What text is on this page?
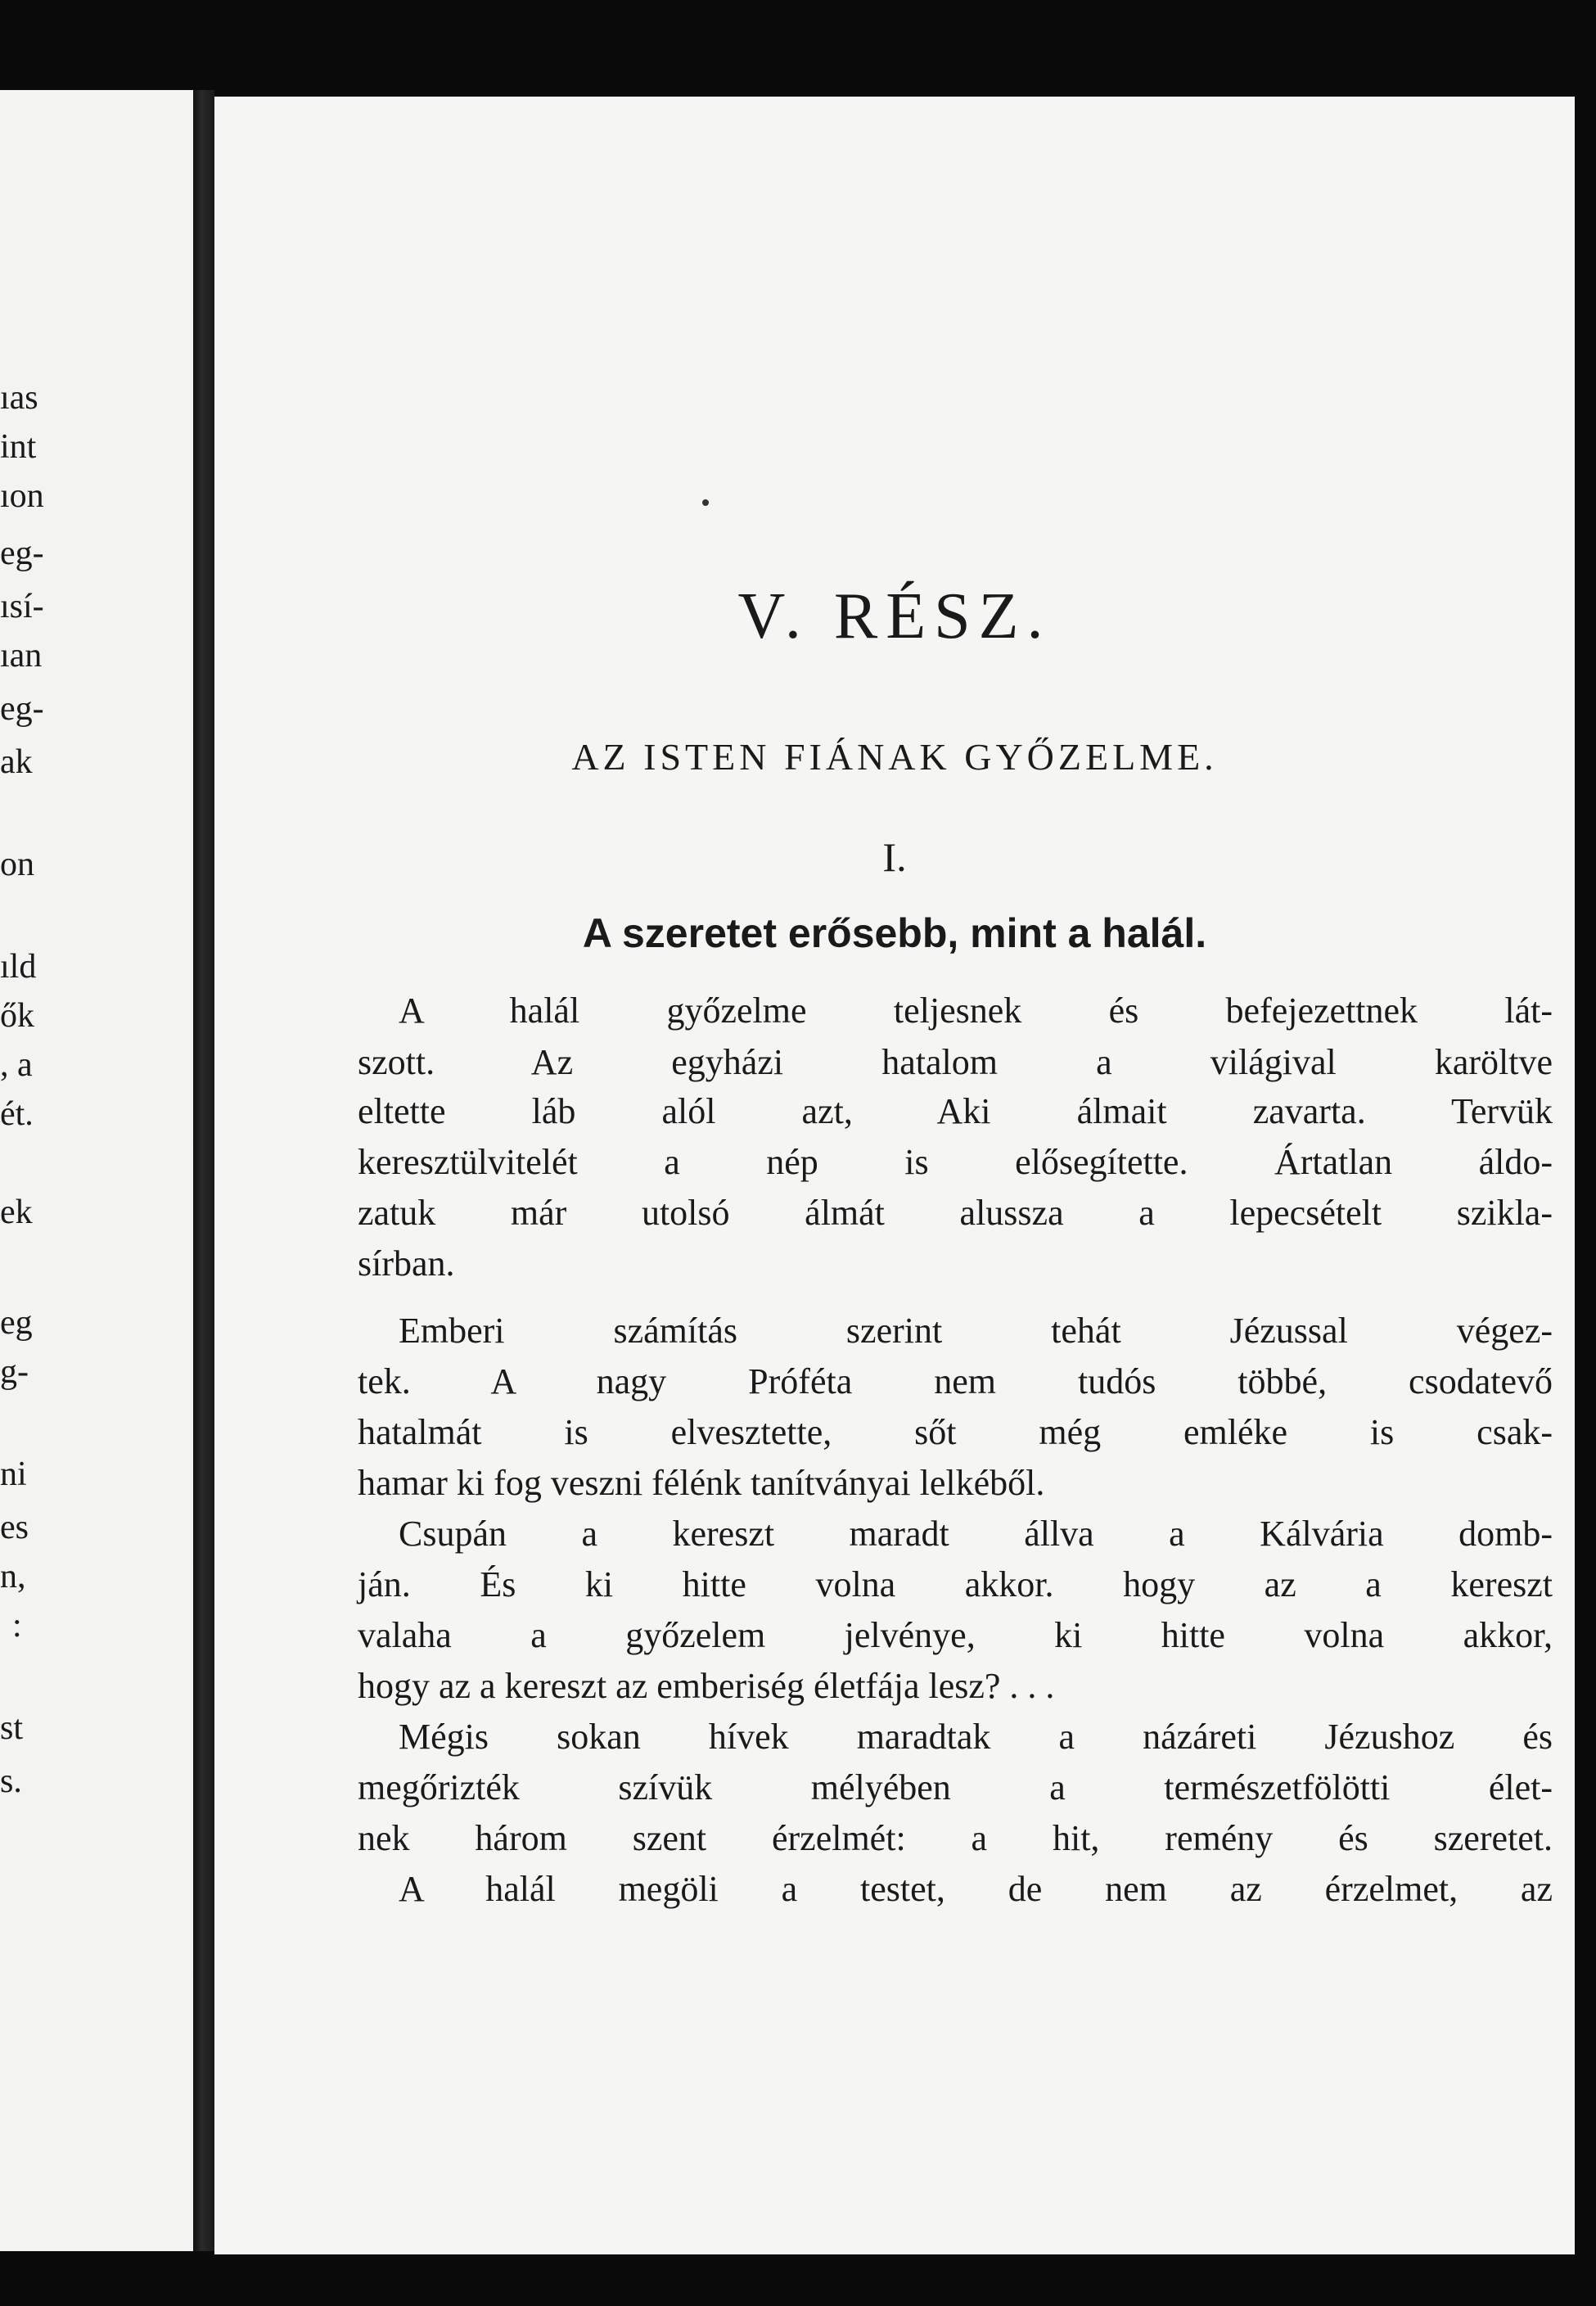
ıas
int
ıon
eg-
ısí-
ıan
eg-
ak
on
ıld
ők
, a
ét.
ek
eg
g-
ni
es
n,
:
st
s.
V. RÉSZ.
AZ ISTEN FIÁNAK GYŐZELME.
I.
A szeretet erősebb, mint a halál.
A halál győzelme teljesnek és befejezettnek lát-
szott. Az egyházi hatalom a világival karöltve
eltette láb alól azt, Aki álmait zavarta. Tervük
keresztülvitelét a nép is elősegítette. Ártatlan áldo-
zatuk már utolsó álmát alussza a lepecsételt szikla-
sírban.
Emberi számítás szerint tehát Jézussal végez-
tek. A nagy Próféta nem tudós többé, csodatevő
hatalmát is elvesztette, sőt még emléke is csak-
hamar ki fog veszni félénk tanítványai lelkéből.
Csupán a kereszt maradt állva a Kálvária domb-
ján. És ki hitte volna akkor. hogy az a kereszt
valaha a győzelem jelvénye, ki hitte volna akkor,
hogy az a kereszt az emberiség életfája lesz? . . .
Mégis sokan hívek maradtak a názáreti Jézushoz és
megőrizték szívük mélyében a természetfölötti élet-
nek három szent érzelmét: a hit, remény és szeretet.
A halál megöli a testet, de nem az érzelmet, az
